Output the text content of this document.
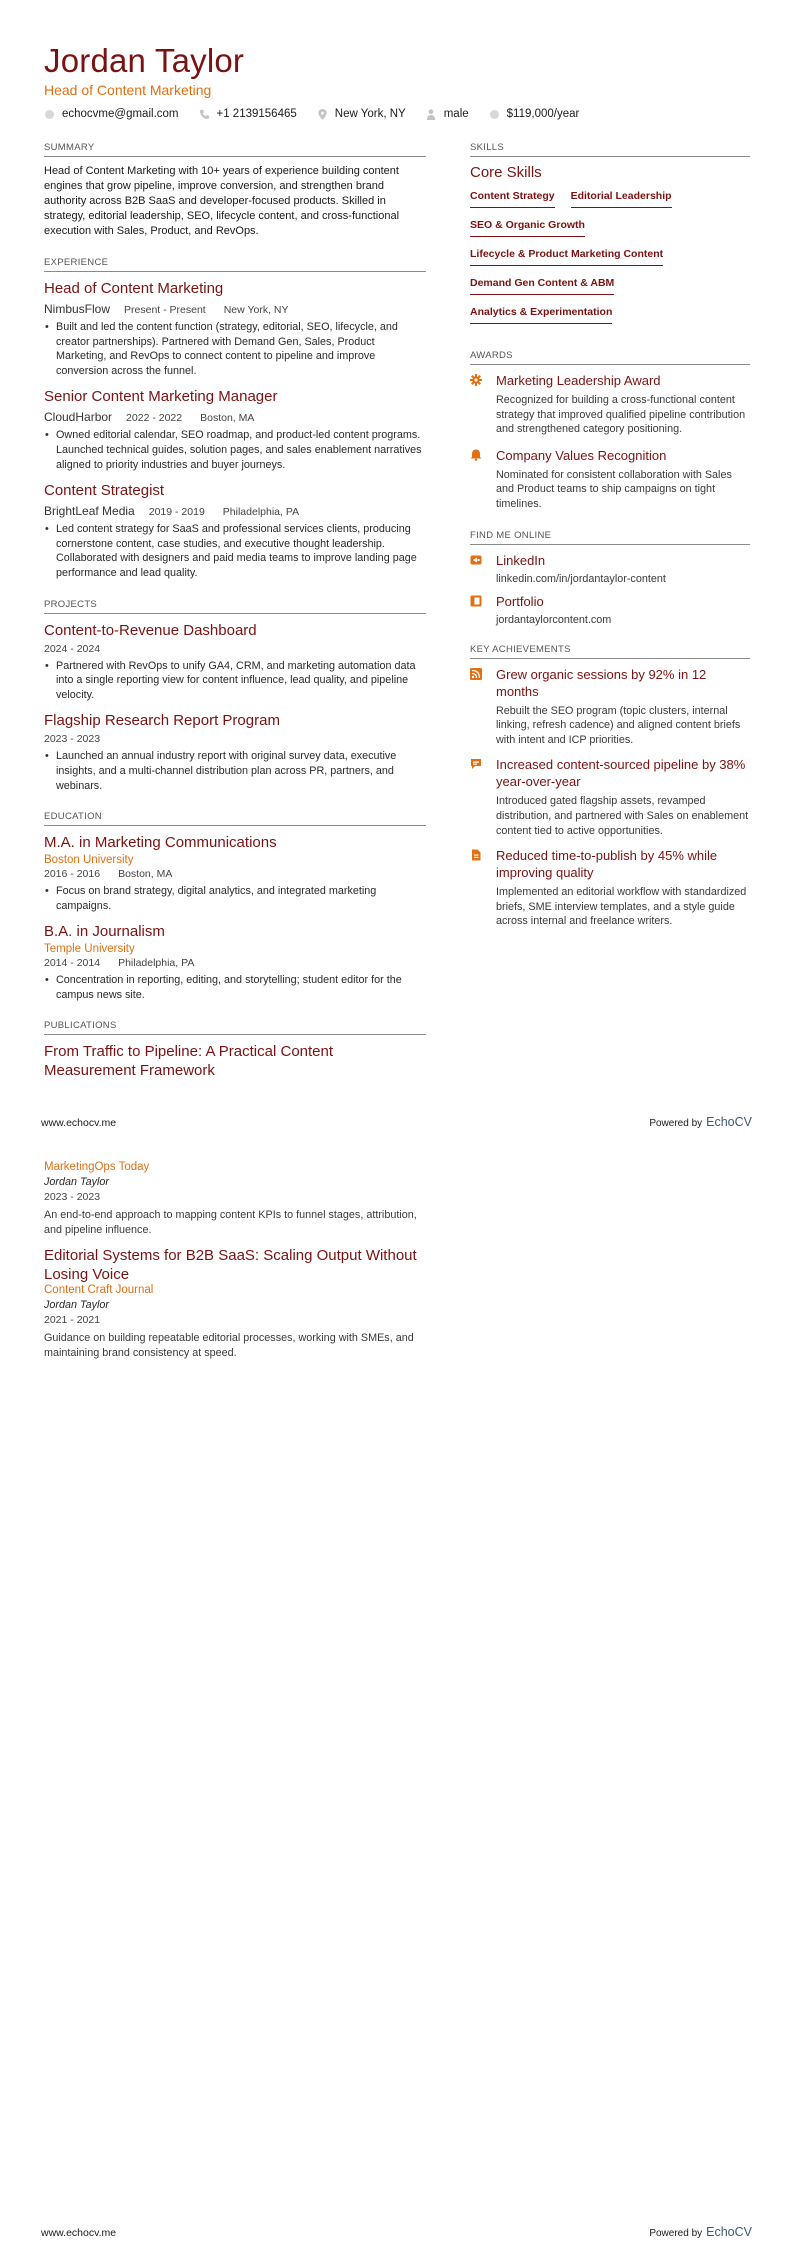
Jordan Taylor
Head of Content Marketing
echocvme@gmail.com	+1 2139156465	New York, NY	male	$119,000/year
SUMMARY
Head of Content Marketing with 10+ years of experience building content engines that grow pipeline, improve conversion, and strengthen brand authority across B2B SaaS and developer-focused products. Skilled in strategy, editorial leadership, SEO, lifecycle content, and cross-functional execution with Sales, Product, and RevOps.
EXPERIENCE
Head of Content Marketing
NimbusFlow Present - Present New York, NY
• Built and led the content function (strategy, editorial, SEO, lifecycle, and creator partnerships). Partnered with Demand Gen, Sales, Product Marketing, and RevOps to connect content to pipeline and improve conversion across the funnel.
Senior Content Marketing Manager
CloudHarbor 2022 - 2022 Boston, MA
• Owned editorial calendar, SEO roadmap, and product-led content programs. Launched technical guides, solution pages, and sales enablement narratives aligned to priority industries and buyer journeys.
Content Strategist
BrightLeaf Media 2019 - 2019 Philadelphia, PA
• Led content strategy for SaaS and professional services clients, producing cornerstone content, case studies, and executive thought leadership. Collaborated with designers and paid media teams to improve landing page performance and lead quality.
PROJECTS
Content-to-Revenue Dashboard
2024 - 2024
• Partnered with RevOps to unify GA4, CRM, and marketing automation data into a single reporting view for content influence, lead quality, and pipeline velocity.
Flagship Research Report Program
2023 - 2023
• Launched an annual industry report with original survey data, executive insights, and a multi-channel distribution plan across PR, partners, and webinars.
EDUCATION
M.A. in Marketing Communications
Boston University
2016 - 2016 Boston, MA
• Focus on brand strategy, digital analytics, and integrated marketing campaigns.
B.A. in Journalism
Temple University
2014 - 2014 Philadelphia, PA
• Concentration in reporting, editing, and storytelling; student editor for the campus news site.
PUBLICATIONS
From Traffic to Pipeline: A Practical Content Measurement Framework
SKILLS
Core Skills
Content Strategy Editorial Leadership
SEO & Organic Growth
Lifecycle & Product Marketing Content
Demand Gen Content & ABM
Analytics & Experimentation
AWARDS
Marketing Leadership Award
Recognized for building a cross-functional content strategy that improved qualified pipeline contribution and strengthened category positioning.
Company Values Recognition
Nominated for consistent collaboration with Sales and Product teams to ship campaigns on tight timelines.
FIND ME ONLINE
LinkedIn
linkedin.com/in/jordantaylor-content
Portfolio
jordantaylorcontent.com
KEY ACHIEVEMENTS
Grew organic sessions by 92% in 12 months
Rebuilt the SEO program (topic clusters, internal linking, refresh cadence) and aligned content briefs with intent and ICP priorities.
Increased content-sourced pipeline by 38% year-over-year
Introduced gated flagship assets, revamped distribution, and partnered with Sales on enablement content tied to active opportunities.
Reduced time-to-publish by 45% while improving quality
Implemented an editorial workflow with standardized briefs, SME interview templates, and a style guide across internal and freelance writers.
www.echocv.me	Powered by EchoCV
MarketingOps Today
Jordan Taylor
2023 - 2023
An end-to-end approach to mapping content KPIs to funnel stages, attribution, and pipeline influence.
Editorial Systems for B2B SaaS: Scaling Output Without Losing Voice
Content Craft Journal
Jordan Taylor
2021 - 2021
Guidance on building repeatable editorial processes, working with SMEs, and maintaining brand consistency at speed.
www.echocv.me	Powered by EchoCV
